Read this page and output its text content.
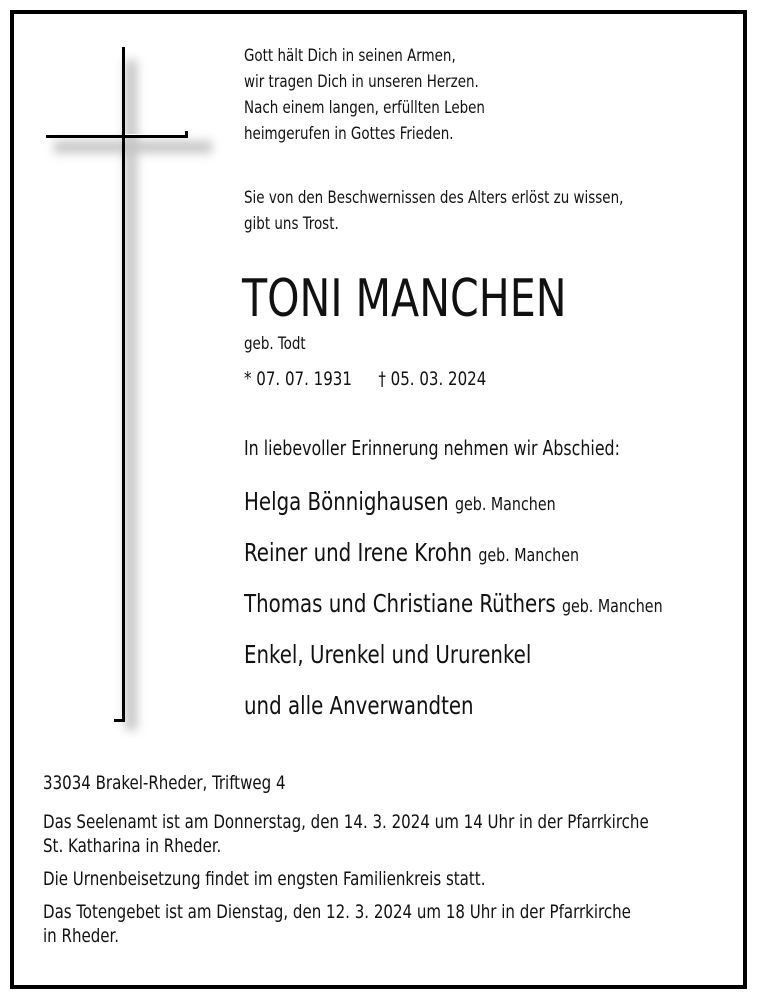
Gott hält Dich in seinen Armen,
wir tragen Dich in unseren Herzen.
Nach einem langen, erfüllten Leben
heimgerufen in Gottes Frieden.
Sie von den Beschwernissen des Alters erlöst zu wissen,
gibt uns Trost.
TONI MANCHEN
geb. Todt
* 07. 07. 1931 † 05. 03. 2024
In liebevoller Erinnerung nehmen wir Abschied:
Helga Bönnighausen geb. Manchen
Reiner und Irene Krohn geb. Manchen
Thomas und Christiane Rüthers geb. Manchen
Enkel, Urenkel und Ururenkel
und alle Anverwandten
33034 Brakel-Rheder, Triftweg 4
Das Seelenamt ist am Donnerstag, den 14. 3. 2024 um 14 Uhr in der Pfarrkirche
St. Katharina in Rheder.
Die Urnenbeisetzung findet im engsten Familienkreis statt.
Das Totengebet ist am Dienstag, den 12. 3. 2024 um 18 Uhr in der Pfarrkirche
in Rheder.
